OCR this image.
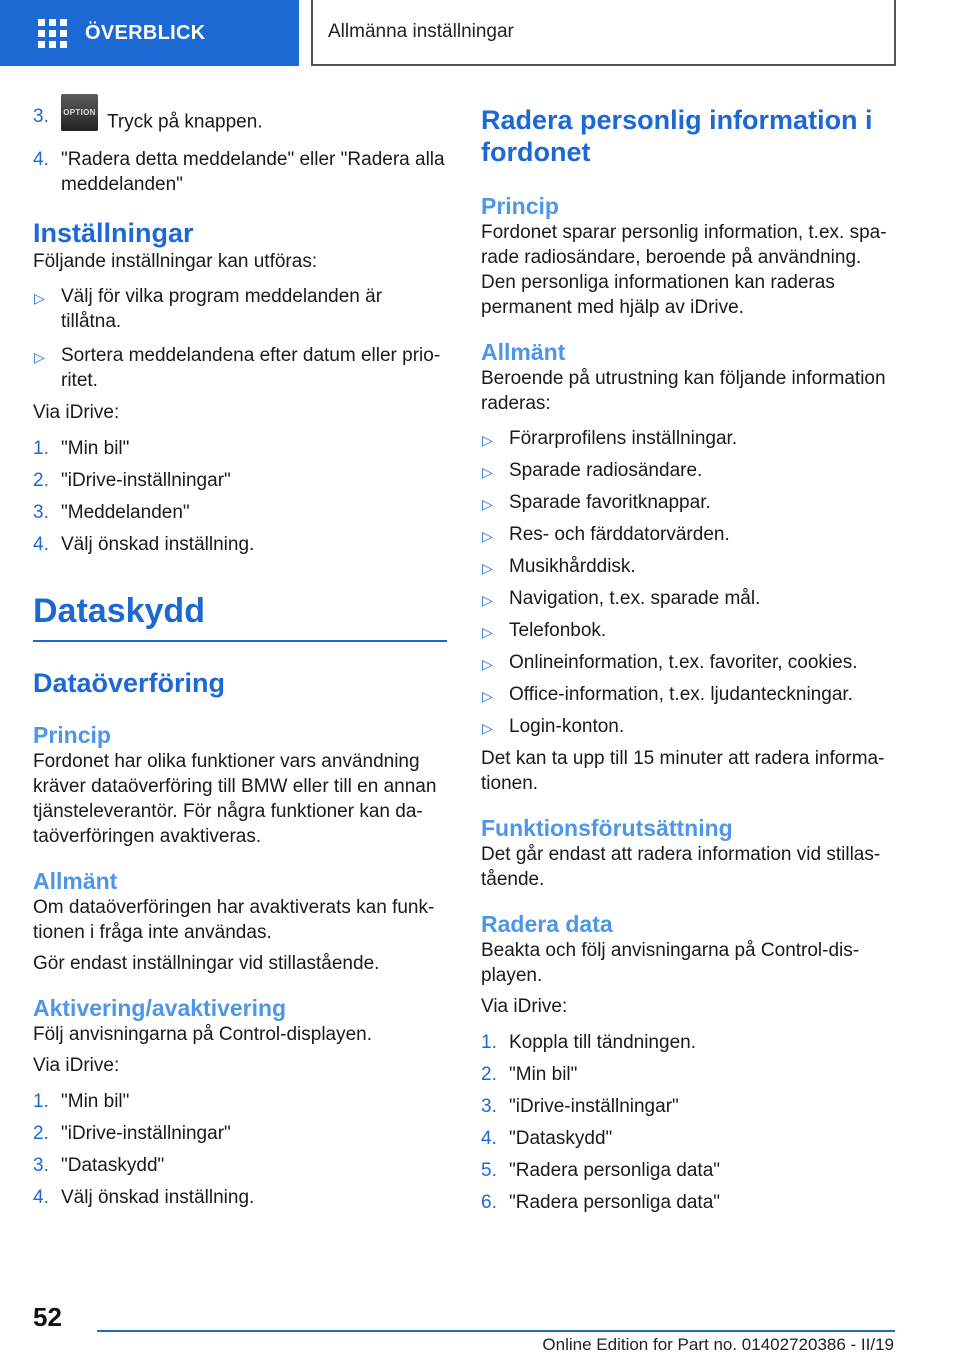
ÖVERBLICK	Allmänna inställningar
3. OPTION Tryck på knappen.
4. "Radera detta meddelande" eller "Radera alla meddelanden"
Inställningar

Följande inställningar kan utföras:

▷ Välj för vilka program meddelanden är tillåtna.
▷ Sortera meddelandena efter datum eller prio-ritet.

Via iDrive:

1. "Min bil"
2. "iDrive-inställningar"
3. "Meddelanden"
4. Välj önskad inställning.
Dataskydd
Dataöverföring
Princip

Fordonet har olika funktioner vars användning kräver dataöverföring till BMW eller till en annan tjänsteleverantör. För några funktioner kan da-taöverföringen avaktiveras.

Allmänt

Om dataöverföringen har avaktiverats kan funk-tionen i fråga inte användas.

Gör endast inställningar vid stillastående.

Aktivering/avaktivering

Följ anvisningarna på Control-displayen.

Via iDrive:

1. "Min bil"
2. "iDrive-inställningar"
3. "Dataskydd"
4. Välj önskad inställning.
Radera personlig information i fordonet
Princip

Fordonet sparar personlig information, t.ex. spa-rade radiosändare, beroende på användning. Den personliga informationen kan raderas permanent med hjälp av iDrive.

Allmänt

Beroende på utrustning kan följande information raderas:

▷ Förarprofilens inställningar.
▷ Sparade radiosändare.
▷ Sparade favoritknappar.
▷ Res- och färddatorvärden.
▷ Musikhårddisk.
▷ Navigation, t.ex. sparade mål.
▷ Telefonbok.
▷ Onlineinformation, t.ex. favoriter, cookies.
▷ Office-information, t.ex. ljudanteckningar.
▷ Login-konton.

Det kan ta upp till 15 minuter att radera informa-tionen.

Funktionsförutsättning

Det går endast att radera information vid stillas-tående.

Radera data

Beakta och följ anvisningarna på Control-dis-playen.

Via iDrive:

1. Koppla till tändningen.
2. "Min bil"
3. "iDrive-inställningar"
4. "Dataskydd"
5. "Radera personliga data"
6. "Radera personliga data"
52
Online Edition for Part no. 01402720386 - II/19
